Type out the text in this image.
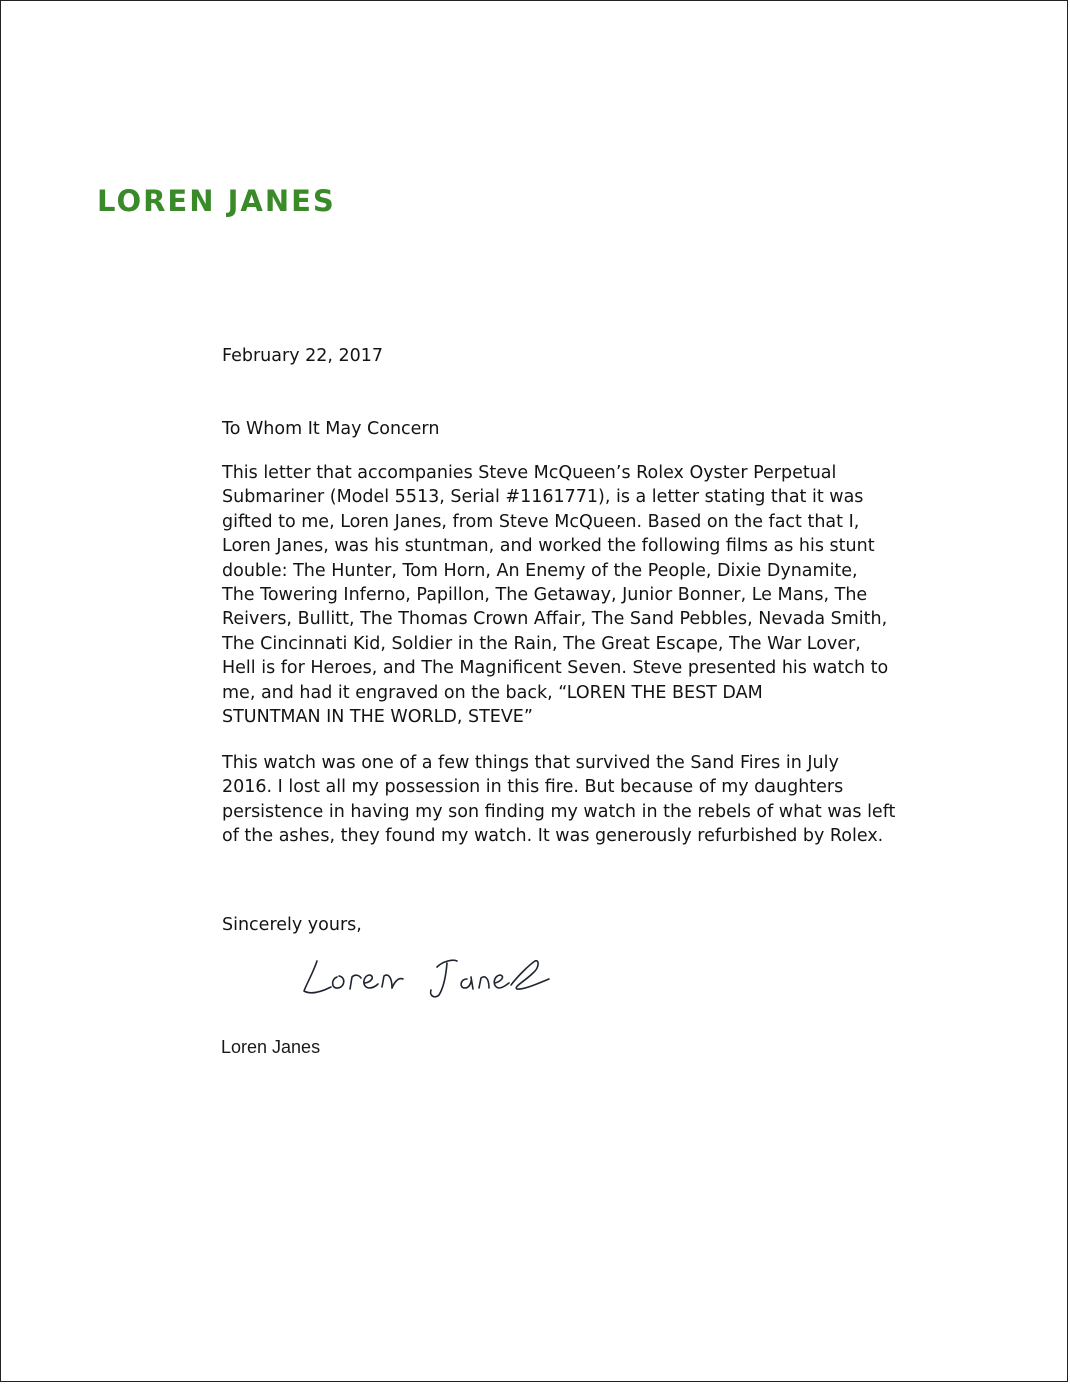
LOREN JANES

February 22, 2017

To Whom It May Concern

This letter that accompanies Steve McQueen’s Rolex Oyster Perpetual
Submariner (Model 5513, Serial #1161771), is a letter stating that it was
gifted to me, Loren Janes, from Steve McQueen. Based on the fact that I,
Loren Janes, was his stuntman, and worked the following films as his stunt
double: The Hunter, Tom Horn, An Enemy of the People, Dixie Dynamite,
The Towering Inferno, Papillon, The Getaway, Junior Bonner, Le Mans, The
Reivers, Bullitt, The Thomas Crown Affair, The Sand Pebbles, Nevada Smith,
The Cincinnati Kid, Soldier in the Rain, The Great Escape, The War Lover,
Hell is for Heroes, and The Magnificent Seven. Steve presented his watch to
me, and had it engraved on the back, “LOREN THE BEST DAM
STUNTMAN IN THE WORLD, STEVE”

This watch was one of a few things that survived the Sand Fires in July
2016. I lost all my possession in this fire. But because of my daughters
persistence in having my son finding my watch in the rebels of what was left
of the ashes, they found my watch. It was generously refurbished by Rolex.

Sincerely yours,

Loren Janes
